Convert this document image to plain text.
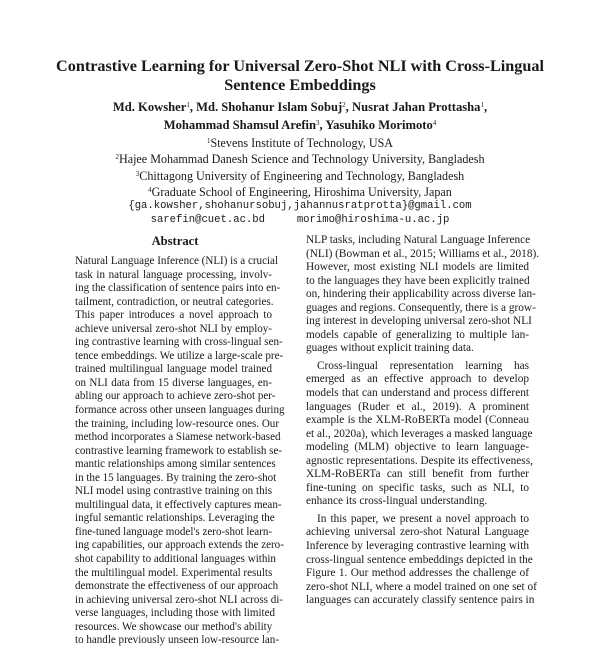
Contrastive Learning for Universal Zero-Shot NLI with Cross-Lingual
Sentence Embeddings
Md. Kowsher$^1$, Md. Shohanur Islam Sobuj$^2$, Nusrat Jahan Prottasha$^1$,
Mohammad Shamsul Arefin$^3$, Yasuhiko Morimoto$^4$
$^1$Stevens Institute of Technology, USA
$^2$Hajee Mohammad Danesh Science and Technology University, Bangladesh
$^3$Chittagong University of Engineering and Technology, Bangladesh
$^4$Graduate School of Engineering, Hiroshima University, Japan
{ga.kowsher,shohanursobuj,jahannusratprotta}@gmail.com
sarefin@cuet.ac.bd	morimo@hiroshima-u.ac.jp
Abstract
Natural Language Inference (NLI) is a crucial
task in natural language processing, involv-
ing the classification of sentence pairs into en-
tailment, contradiction, or neutral categories.
This paper introduces a novel approach to
achieve universal zero-shot NLI by employ-
ing contrastive learning with cross-lingual sen-
tence embeddings. We utilize a large-scale pre-
trained multilingual language model trained
on NLI data from 15 diverse languages, en-
abling our approach to achieve zero-shot per-
formance across other unseen languages during
the training, including low-resource ones. Our
method incorporates a Siamese network-based
contrastive learning framework to establish se-
mantic relationships among similar sentences
in the 15 languages. By training the zero-shot
NLI model using contrastive training on this
multilingual data, it effectively captures mean-
ingful semantic relationships. Leveraging the
fine-tuned language model's zero-shot learn-
ing capabilities, our approach extends the zero-
shot capability to additional languages within
the multilingual model. Experimental results
demonstrate the effectiveness of our approach
in achieving universal zero-shot NLI across di-
verse languages, including those with limited
resources. We showcase our method's ability
to handle previously unseen low-resource lan-
NLP tasks, including Natural Language Inference
(NLI) (Bowman et al., 2015; Williams et al., 2018).
However, most existing NLI models are limited
to the languages they have been explicitly trained
on, hindering their applicability across diverse lan-
guages and regions. Consequently, there is a grow-
ing interest in developing universal zero-shot NLI
models capable of generalizing to multiple lan-
guages without explicit training data.
Cross-lingual representation learning has
emerged as an effective approach to develop
models that can understand and process different
languages (Ruder et al., 2019). A prominent
example is the XLM-RoBERTa model (Conneau
et al., 2020a), which leverages a masked language
modeling (MLM) objective to learn language-
agnostic representations. Despite its effectiveness,
XLM-RoBERTa can still benefit from further
fine-tuning on specific tasks, such as NLI, to
enhance its cross-lingual understanding.
In this paper, we present a novel approach to
achieving universal zero-shot Natural Language
Inference by leveraging contrastive learning with
cross-lingual sentence embeddings depicted in the
Figure 1. Our method addresses the challenge of
zero-shot NLI, where a model trained on one set of
languages can accurately classify sentence pairs in
